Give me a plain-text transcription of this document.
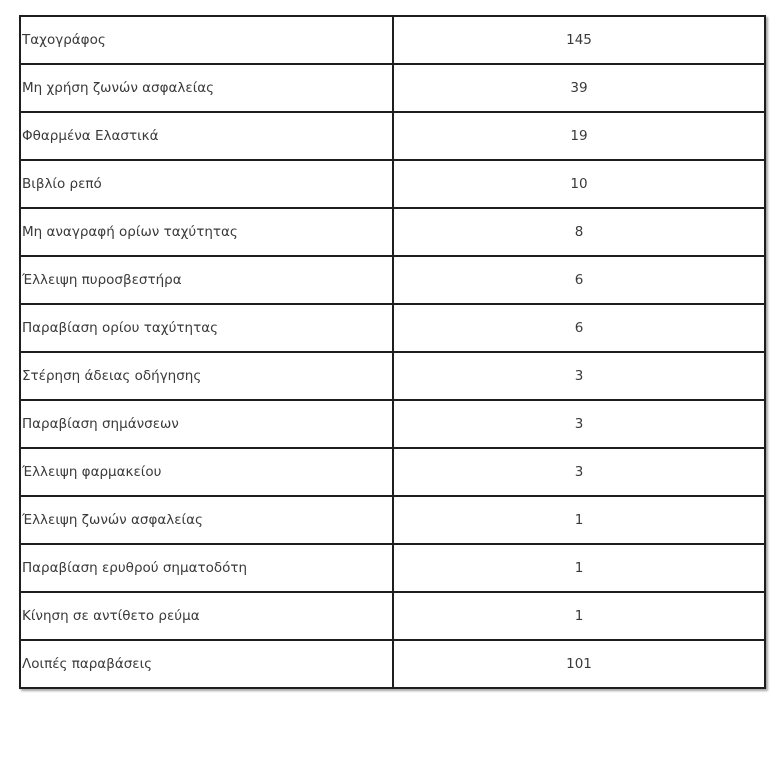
Ταχογράφος	145
Μη χρήση ζωνών ασφαλείας	39
Φθαρμένα Ελαστικά	19
Βιβλίο ρεπό	10
Μη αναγραφή ορίων ταχύτητας	8
Έλλειψη πυροσβεστήρα	6
Παραβίαση ορίου ταχύτητας	6
Στέρηση άδειας οδήγησης	3
Παραβίαση σημάνσεων	3
Έλλειψη φαρμακείου	3
Έλλειψη ζωνών ασφαλείας	1
Παραβίαση ερυθρού σηματοδότη	1
Κίνηση σε αντίθετο ρεύμα	1
Λοιπές παραβάσεις	101
